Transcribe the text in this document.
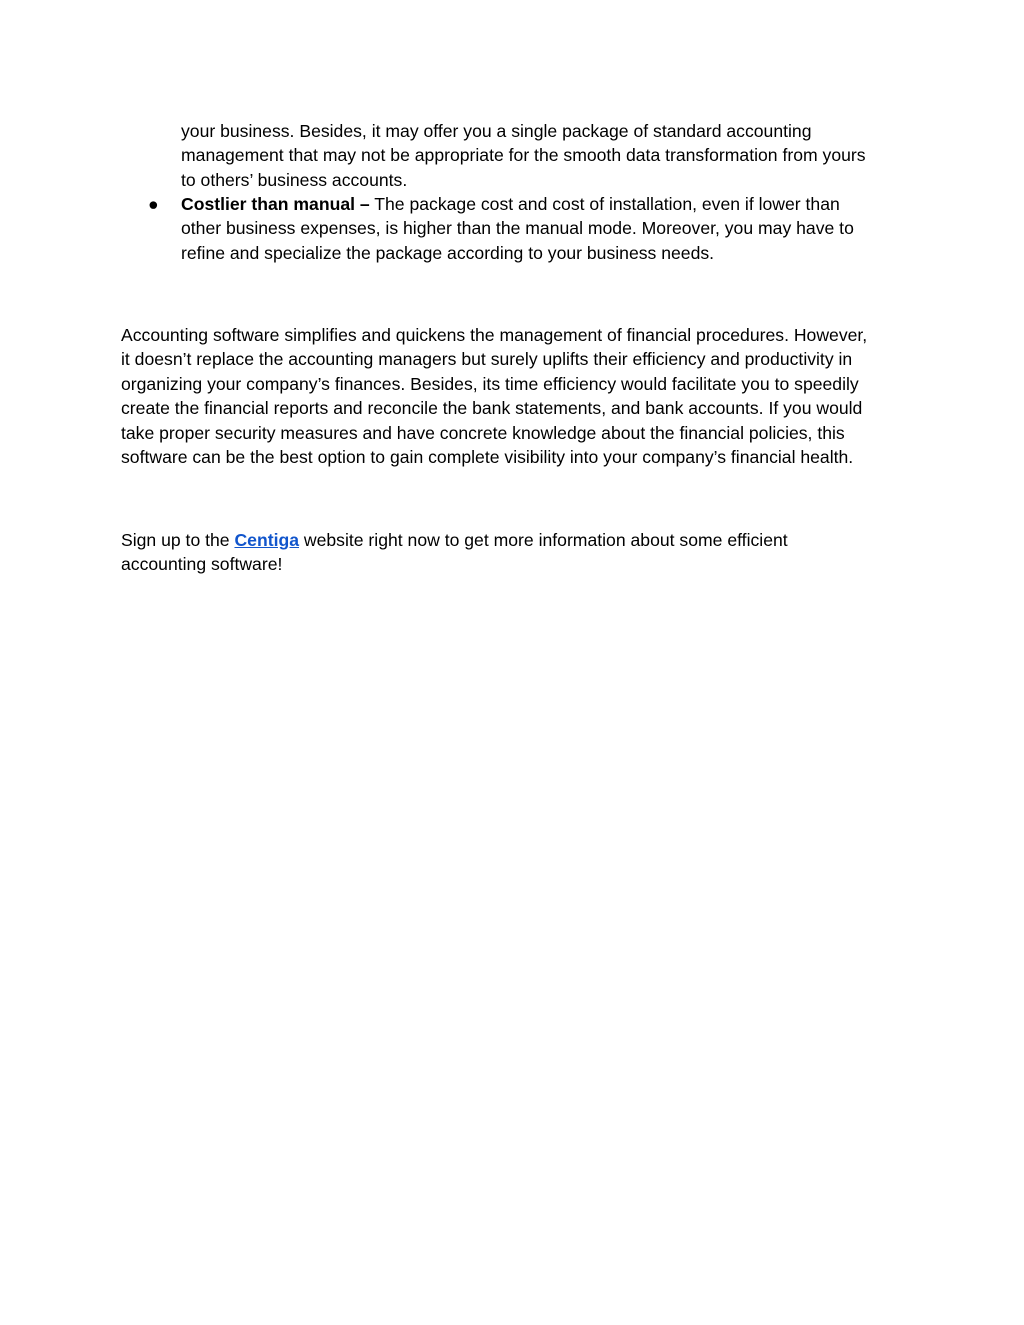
your business. Besides, it may offer you a single package of standard accounting
management that may not be appropriate for the smooth data transformation from yours
to others’ business accounts.
● Costlier than manual – The package cost and cost of installation, even if lower than
other business expenses, is higher than the manual mode. Moreover, you may have to
refine and specialize the package according to your business needs.
Accounting software simplifies and quickens the management of financial procedures. However,
it doesn’t replace the accounting managers but surely uplifts their efficiency and productivity in
organizing your company’s finances. Besides, its time efficiency would facilitate you to speedily
create the financial reports and reconcile the bank statements, and bank accounts. If you would
take proper security measures and have concrete knowledge about the financial policies, this
software can be the best option to gain complete visibility into your company’s financial health.
Sign up to the Centiga website right now to get more information about some efficient
accounting software!
